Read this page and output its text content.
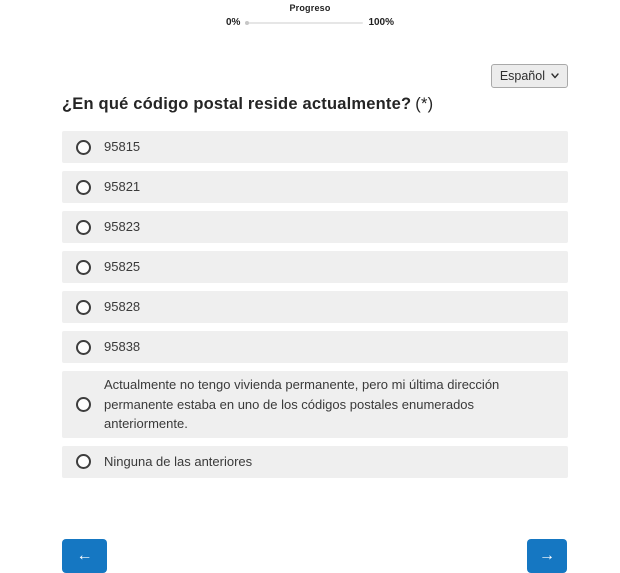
Progreso
0%	100%
Español
¿En qué código postal reside actualmente? (*)
95815
95821
95823
95825
95828
95838
Actualmente no tengo vivienda permanente, pero mi última dirección permanente estaba en uno de los códigos postales enumerados anteriormente.
Ninguna de las anteriores
←	→
